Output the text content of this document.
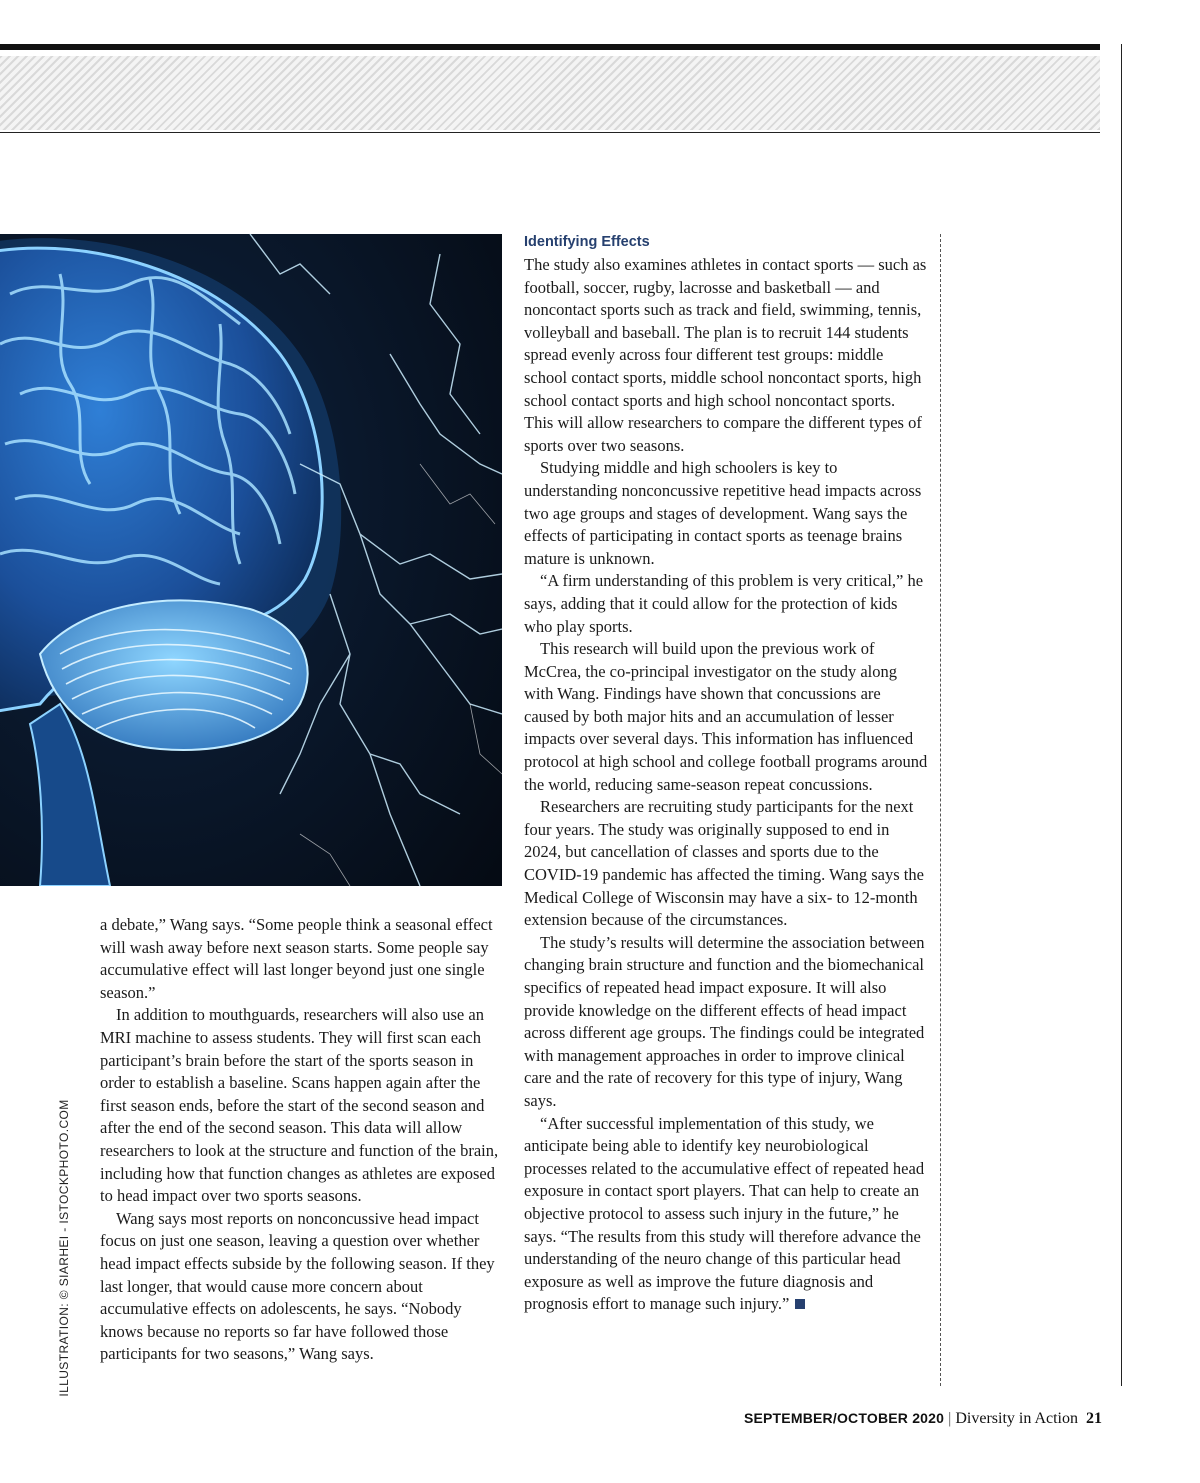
ILLUSTRATION: © SIARHEI - ISTOCKPHOTO.COM

a debate,” Wang says. “Some people think a seasonal effect will wash away before next season starts. Some people say accumulative effect will last longer beyond just one single season.”

In addition to mouthguards, researchers will also use an MRI machine to assess students. They will first scan each participant’s brain before the start of the sports season in order to establish a baseline. Scans happen again after the first season ends, before the start of the second season and after the end of the second season. This data will allow researchers to look at the structure and function of the brain, including how that function changes as athletes are exposed to head impact over two sports seasons.

Wang says most reports on nonconcussive head impact focus on just one season, leaving a question over whether head impact effects subside by the following season. If they last longer, that would cause more concern about accumulative effects on adolescents, he says. “Nobody knows because no reports so far have followed those participants for two seasons,” Wang says.

Identifying Effects

The study also examines athletes in contact sports — such as football, soccer, rugby, lacrosse and basketball — and noncontact sports such as track and field, swimming, tennis, volleyball and baseball. The plan is to recruit 144 students spread evenly across four different test groups: middle school contact sports, middle school noncontact sports, high school contact sports and high school noncontact sports. This will allow researchers to compare the different types of sports over two seasons.

Studying middle and high schoolers is key to understanding nonconcussive repetitive head impacts across two age groups and stages of development. Wang says the effects of participating in contact sports as teenage brains mature is unknown.

“A firm understanding of this problem is very critical,” he says, adding that it could allow for the protection of kids who play sports.

This research will build upon the previous work of McCrea, the co-principal investigator on the study along with Wang. Findings have shown that concussions are caused by both major hits and an accumulation of lesser impacts over several days. This information has influenced protocol at high school and college football programs around the world, reducing same-season repeat concussions.

Researchers are recruiting study participants for the next four years. The study was originally supposed to end in 2024, but cancellation of classes and sports due to the COVID-19 pandemic has affected the timing. Wang says the Medical College of Wisconsin may have a six- to 12-month extension because of the circumstances.

The study’s results will determine the association between changing brain structure and function and the biomechanical specifics of repeated head impact exposure. It will also provide knowledge on the different effects of head impact across different age groups. The findings could be integrated with management approaches in order to improve clinical care and the rate of recovery for this type of injury, Wang says.

“After successful implementation of this study, we anticipate being able to identify key neurobiological processes related to the accumulative effect of repeated head exposure in contact sport players. That can help to create an objective protocol to assess such injury in the future,” he says. “The results from this study will therefore advance the understanding of the neuro change of this particular head exposure as well as improve the future diagnosis and prognosis effort to manage such injury.”

SEPTEMBER/OCTOBER 2020 | Diversity in Action 21
